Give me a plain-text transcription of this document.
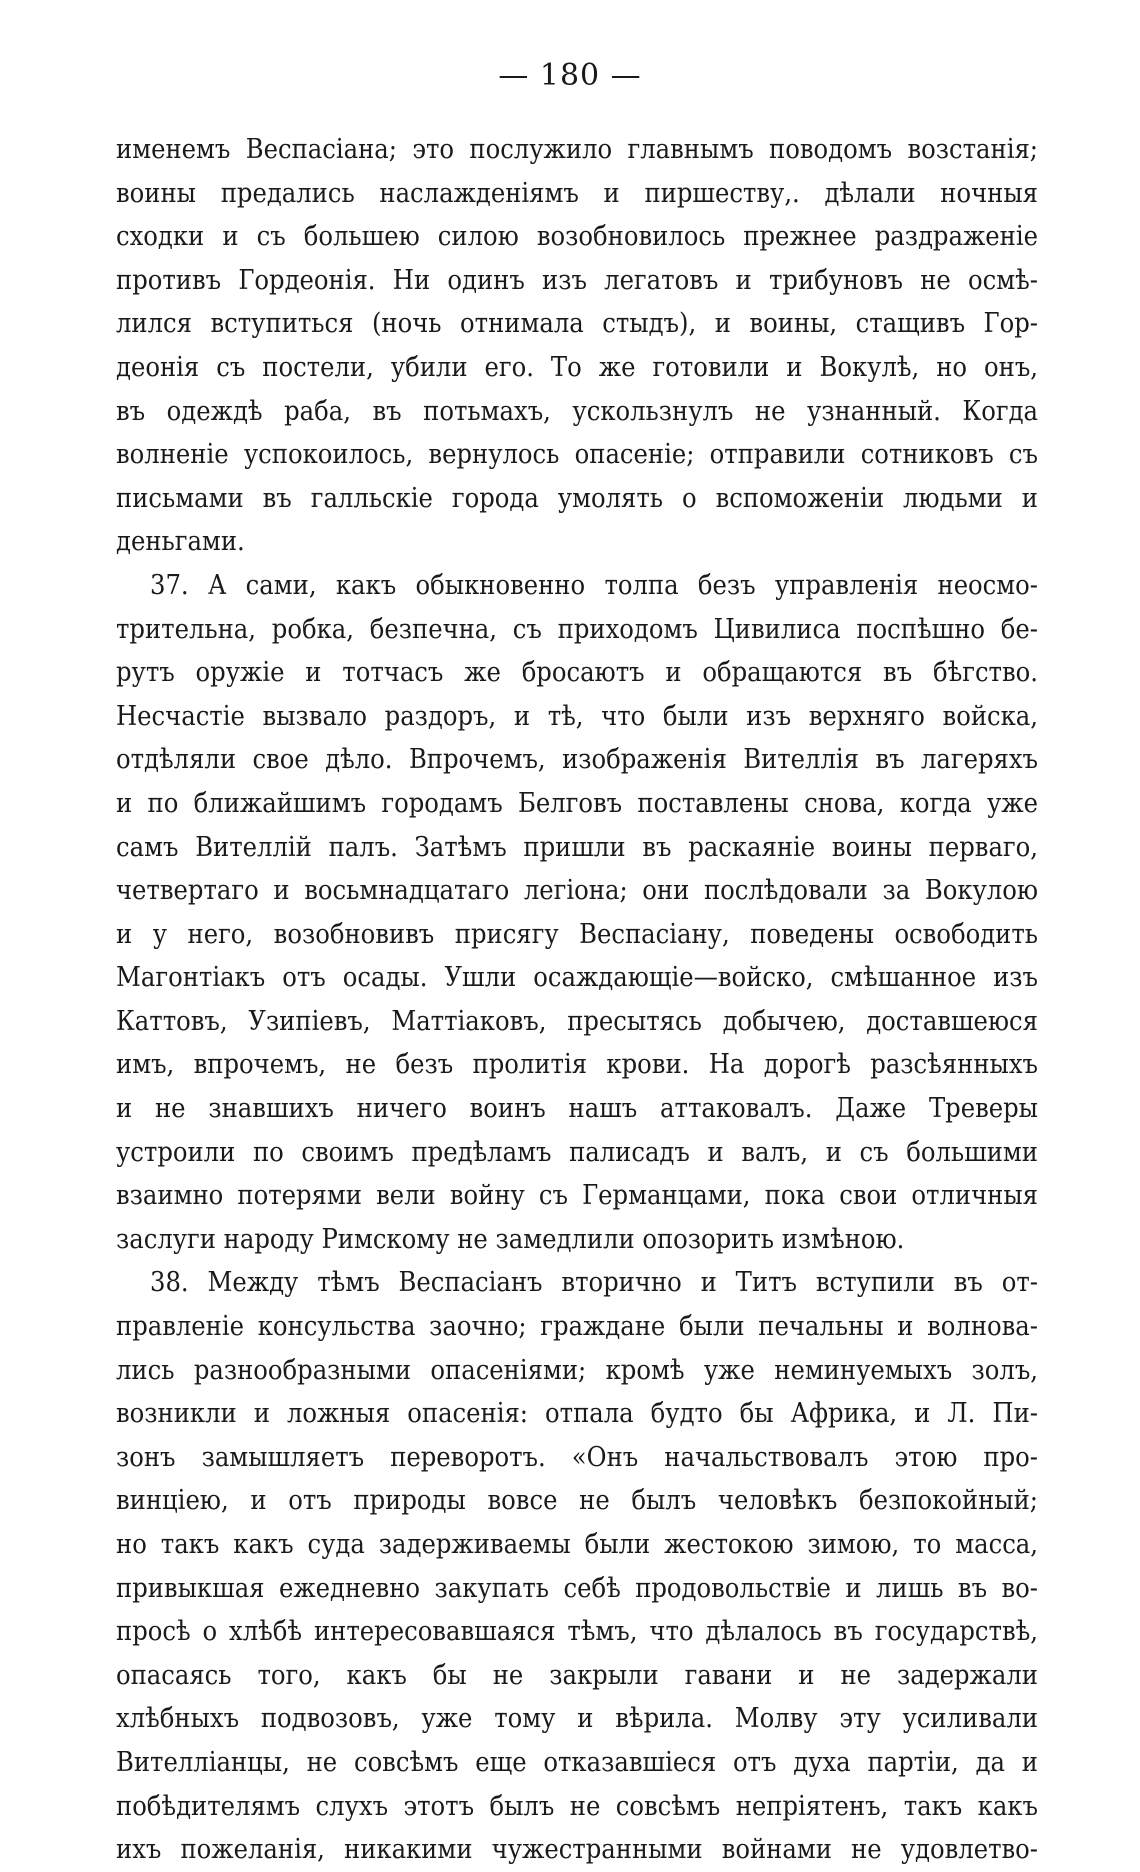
— 180 —
именемъ Веспасіана; это послужило главнымъ поводомъ возстанія;
воины предались наслажденіямъ и пиршеству,. дѣлали ночныя
сходки и съ большею силою возобновилось прежнее раздраженіе
противъ Гордеонія. Ни одинъ изъ легатовъ и трибуновъ не осмѣ-
лился вступиться (ночь отнимала стыдъ), и воины, стащивъ Гор-
деонія съ постели, убили его. То же готовили и Вокулѣ, но онъ,
въ одеждѣ раба, въ потьмахъ, ускользнулъ не узнанный. Когда
волненіе успокоилось, вернулось опасеніе; отправили сотниковъ съ
письмами въ галльскіе города умолять о вспоможеніи людьми и
деньгами.
37. А сами, какъ обыкновенно толпа безъ управленія неосмо-
трительна, робка, безпечна, съ приходомъ Цивилиса поспѣшно бе-
рутъ оружіе и тотчасъ же бросаютъ и обращаются въ бѣгство.
Несчастіе вызвало раздоръ, и тѣ, что были изъ верхняго войска,
отдѣляли свое дѣло. Впрочемъ, изображенія Вителлія въ лагеряхъ
и по ближайшимъ городамъ Белговъ поставлены снова, когда уже
самъ Вителлій палъ. Затѣмъ пришли въ раскаяніе воины перваго,
четвертаго и восьмнадцатаго легіона; они послѣдовали за Вокулою
и у него, возобновивъ присягу Веспасіану, поведены освободить
Магонтіакъ отъ осады. Ушли осаждающіе—войско, смѣшанное изъ
Каттовъ, Узипіевъ, Маттіаковъ, пресытясь добычею, доставшеюся
имъ, впрочемъ, не безъ пролитія крови. На дорогѣ разсѣянныхъ
и не знавшихъ ничего воинъ нашъ аттаковалъ. Даже Треверы
устроили по своимъ предѣламъ палисадъ и валъ, и съ большими
взаимно потерями вели войну съ Германцами, пока свои отличныя
заслуги народу Римскому не замедлили опозорить измѣною.
38. Между тѣмъ Веспасіанъ вторично и Титъ вступили въ от-
правленіе консульства заочно; граждане были печальны и волнова-
лись разнообразными опасеніями; кромѣ уже неминуемыхъ золъ,
возникли и ложныя опасенія: отпала будто бы Африка, и Л. Пи-
зонъ замышляетъ переворотъ. «Онъ начальствовалъ этою про-
винціею, и отъ природы вовсе не былъ человѣкъ безпокойный;
но такъ какъ суда задерживаемы были жестокою зимою, то масса,
привыкшая ежедневно закупать себѣ продовольствіе и лишь въ во-
просѣ о хлѣбѣ интересовавшаяся тѣмъ, что дѣлалось въ государствѣ,
опасаясь того, какъ бы не закрыли гавани и не задержали
хлѣбныхъ подвозовъ, уже тому и вѣрила. Молву эту усиливали
Вителліанцы, не совсѣмъ еще отказавшіеся отъ духа партіи, да и
побѣдителямъ слухъ этотъ былъ не совсѣмъ непріятенъ, такъ какъ
ихъ пожеланія, никакими чужестранными войнами не удовлетво-
